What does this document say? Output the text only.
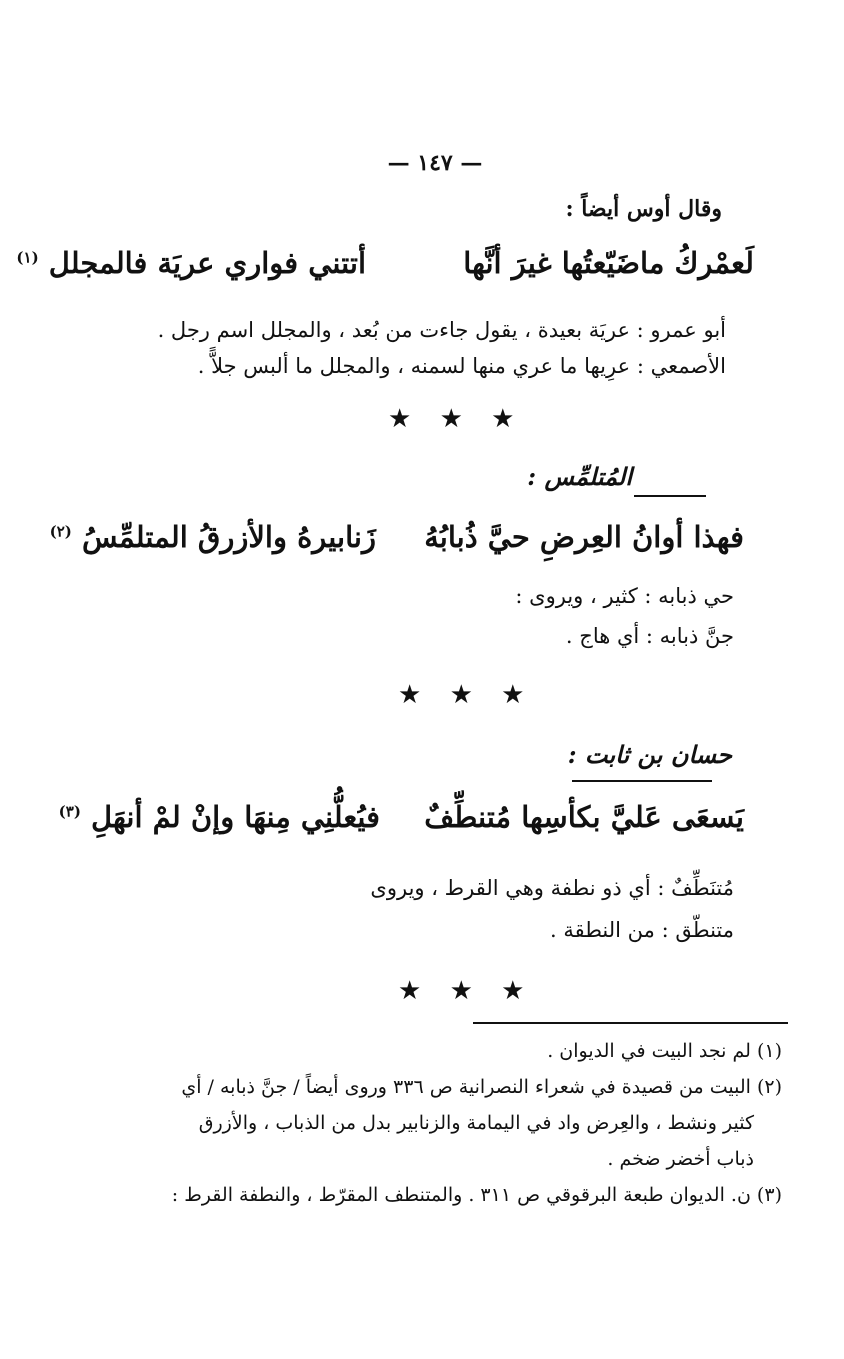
— ١٤٧ —
وقال أوس أيضاً :
لَعمْركُ ماضَيّعتُها غيرَ أنَّها
أتتني فواري عريَة فالمجلل $^{(١)}$
أبو عمرو : عريَة بعيدة ، يقول جاءت من بُعد ، والمجلل اسم رجل .
الأصمعي : عرِيها ما عري منها لسمنه ، والمجلل ما ألبس جلاًّ .
★ ★ ★
المُتلمِّس :
فهذا أوانُ العِرضِ حيَّ ذُبابُهُ
زَنابيرهُ والأزرقُ المتلمِّسُ $^{(٢)}$
حي ذبابه : كثير ، ويروى :
جنَّ ذبابه : أي هاج .
★ ★ ★
حسان بن ثابت :
يَسعَى عَليَّ بكأسِها مُتنطِّفٌ
فيُعلُّنِي مِنهَا وإنْ لمْ أنهَلِ $^{(٣)}$
مُتنَطِّفٌ : أي ذو نطفة وهي القرط ، ويروى
متنطّق : من النطقة .
★ ★ ★
(١) لم نجد البيت في الديوان .
(٢) البيت من قصيدة في شعراء النصرانية ص ٣٣٦ وروى أيضاً / جنَّ ذبابه / أي
كثير ونشط ، والعِرض واد في اليمامة والزنابير بدل من الذباب ، والأزرق
ذباب أخضر ضخم .
(٣) ن. الديوان طبعة البرقوقي ص ٣١١ . والمتنطف المقرّط ، والنطفة القرط :
